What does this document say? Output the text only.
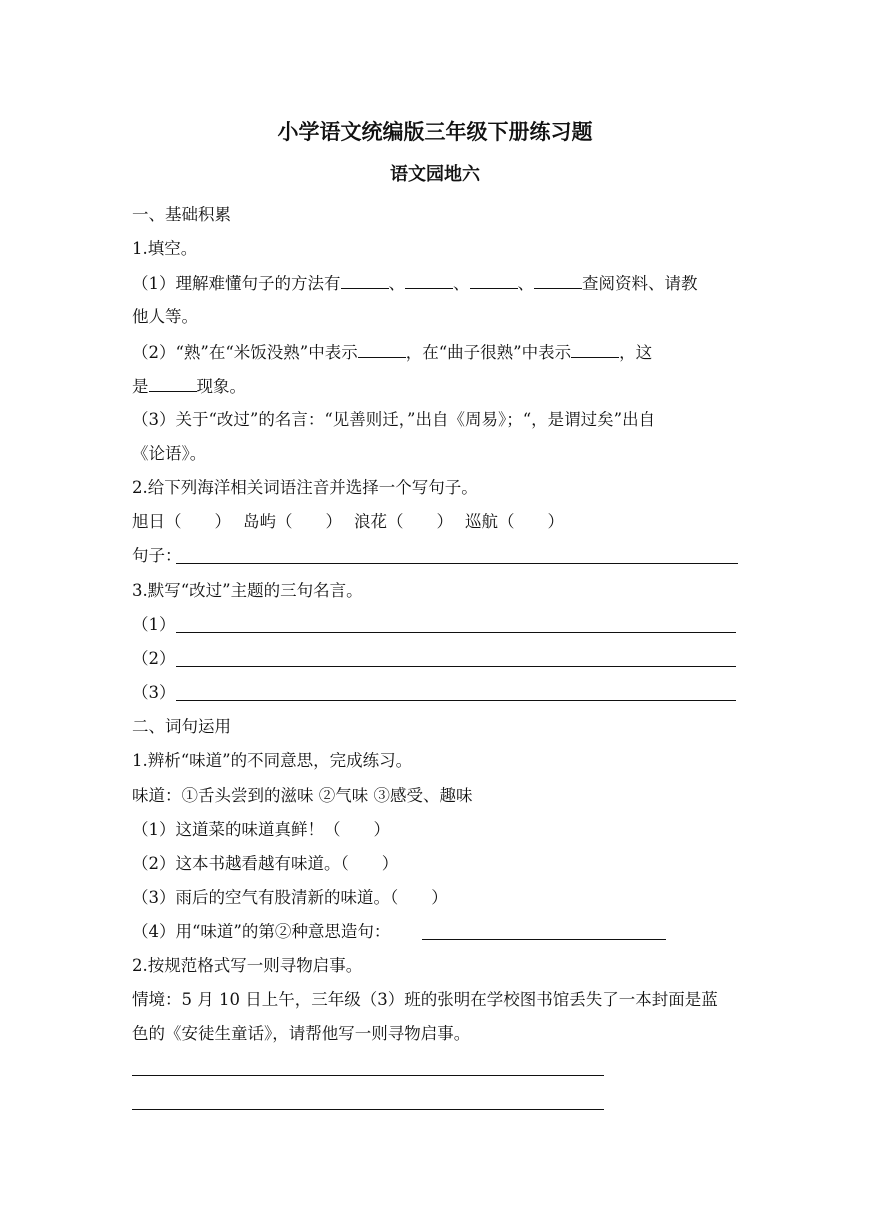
小学语文统编版三年级下册练习题
语文园地六
一、基础积累
1.填空。
（1）理解难懂句子的方法有	、	、	、	查阅资料、请教
他人等。
（2）“熟”在“米饭没熟”中表示	，在“曲子很熟”中表示	，这
是	现象。
（3）关于“改过”的名言：“见善则迁，”出自《周易》；“，是谓过矣”出自
《论语》。
2.给下列海洋相关词语注音并选择一个写句子。
旭日（　　） 岛屿（　　） 浪花（　　） 巡航（　　）
句子：
3.默写“改过”主题的三句名言。
（1）
（2）
（3）
二、词句运用
1.辨析“味道”的不同意思，完成练习。
味道：①舌头尝到的滋味 ②气味 ③感受、趣味
（1）这道菜的味道真鲜！（　　）
（2）这本书越看越有味道。（　　）
（3）雨后的空气有股清新的味道。（　　）
（4）用“味道”的第②种意思造句：
2.按规范格式写一则寻物启事。
情境：5 月 10 日上午，三年级（3）班的张明在学校图书馆丢失了一本封面是蓝
色的《安徒生童话》，请帮他写一则寻物启事。
